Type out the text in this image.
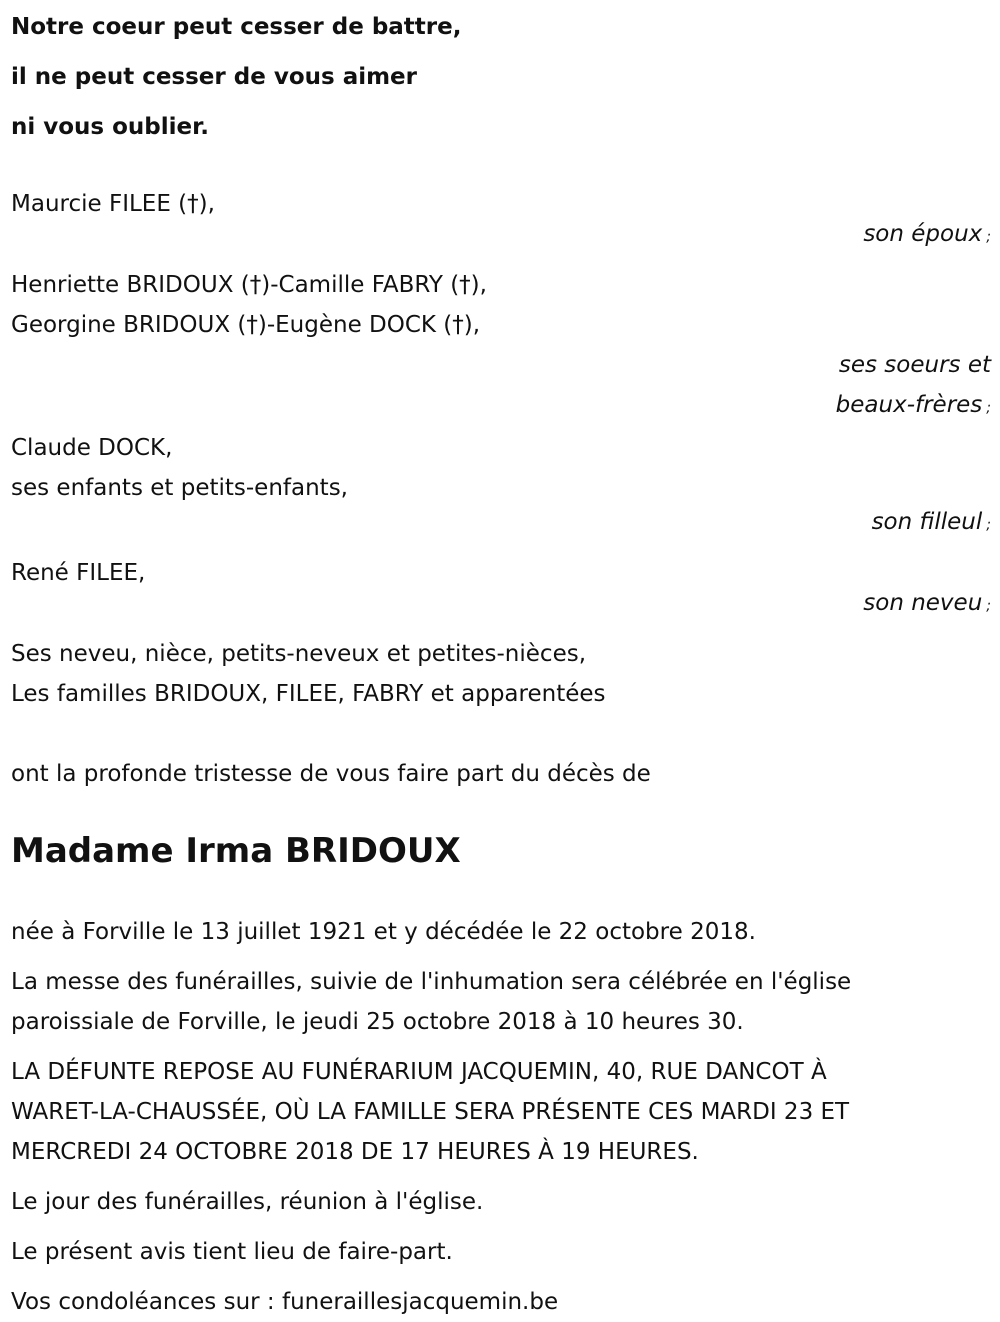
Notre coeur peut cesser de battre,
il ne peut cesser de vous aimer
ni vous oublier.
Maurcie FILEE (†),
son époux ;
Henriette BRIDOUX (†)-Camille FABRY (†),
Georgine BRIDOUX (†)-Eugène DOCK (†),
ses soeurs et
beaux-frères ;
Claude DOCK,
ses enfants et petits-enfants,
son filleul ;
René FILEE,
son neveu ;
Ses neveu, nièce, petits-neveux et petites-nièces,
Les familles BRIDOUX, FILEE, FABRY et apparentées
ont la profonde tristesse de vous faire part du décès de
Madame Irma BRIDOUX
née à Forville le 13 juillet 1921 et y décédée le 22 octobre 2018.
La messe des funérailles, suivie de l'inhumation sera célébrée en l'église
paroissiale de Forville, le jeudi 25 octobre 2018 à 10 heures 30.
LA DÉFUNTE REPOSE AU FUNÉRARIUM JACQUEMIN, 40, RUE DANCOT À
WARET-LA-CHAUSSÉE, OÙ LA FAMILLE SERA PRÉSENTE CES MARDI 23 ET
MERCREDI 24 OCTOBRE 2018 DE 17 HEURES À 19 HEURES.
Le jour des funérailles, réunion à l'église.
Le présent avis tient lieu de faire-part.
Vos condoléances sur : funeraillesjacquemin.be
